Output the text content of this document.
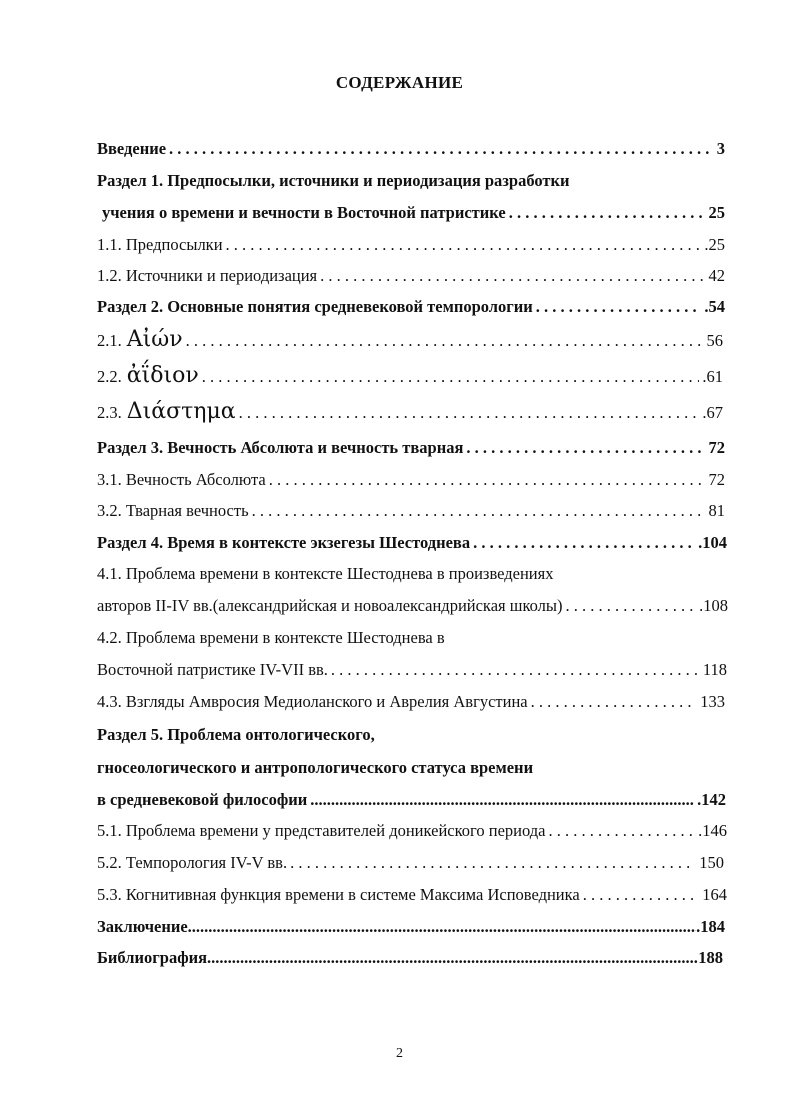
СОДЕРЖАНИЕ
Введение . . .	3
Раздел 1. Предпосылки, источники и периодизация разработки
учения о времени и вечности в Восточной патристике . . .	25
1.1. Предпосылки . . .	.25
1.2. Источники и периодизация . . .	42
Раздел 2. Основные понятия средневековой темпорологии . . .	.54
2.1. Αἰών . . .	56
2.2. ἀΐδιον . . .	.61
2.3. Διάστημα . . .	.67
Раздел 3. Вечность Абсолюта и вечность тварная . . .	72
3.1. Вечность Абсолюта . . .	72
3.2. Тварная вечность . . .	81
Раздел 4. Время в контексте экзегезы Шестоднева . . .	.104
4.1. Проблема времени в контексте Шестоднева в произведениях
авторов II-IV вв.(александрийская и новоалександрийская школы) . . .	.108
4.2. Проблема времени в контексте Шестоднева в
Восточной патристике IV-VII вв. . . .	118
4.3. Взгляды Амвросия Медиоланского и Аврелия Августина . . .	133
Раздел 5. Проблема онтологического,
гносеологического и антропологического статуса времени
в средневековой философии .....	.142
5.1. Проблема времени у представителей доникейского периода . . .	.146
5.2. Темпорология IV-V вв. . . .	150
5.3. Когнитивная функция времени в системе Максима Исповедника . . .	164
Заключение .....	.184
Библиография .....	188
2
